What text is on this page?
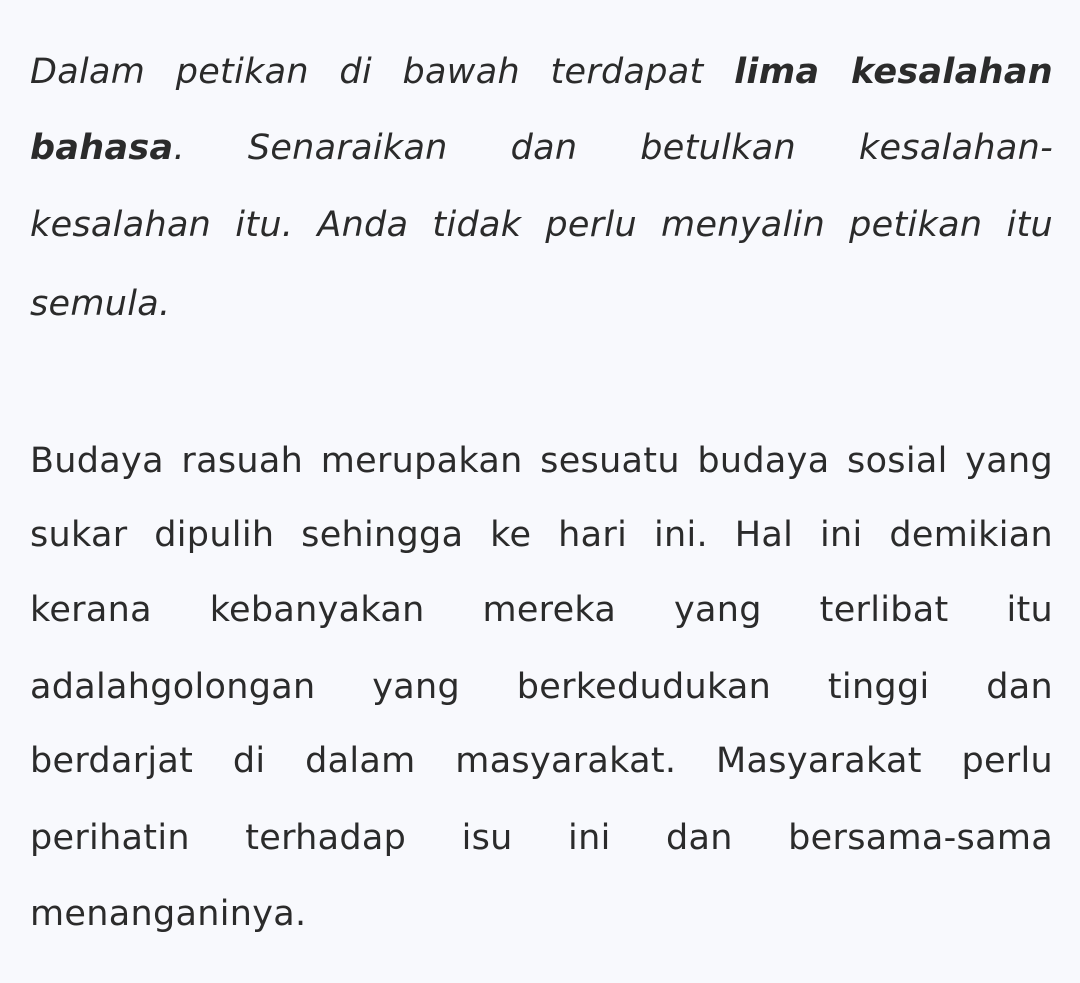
Dalam petikan di bawah terdapat lima kesalahan
bahasa. Senaraikan dan betulkan kesalahan-
kesalahan itu. Anda tidak perlu menyalin petikan itu
semula.
Budaya rasuah merupakan sesuatu budaya sosial yang
sukar dipulih sehingga ke hari ini. Hal ini demikian
kerana kebanyakan mereka yang terlibat itu
adalahgolongan yang berkedudukan tinggi dan
berdarjat di dalam masyarakat. Masyarakat perlu
perihatin terhadap isu ini dan bersama-sama
menanganinya.
